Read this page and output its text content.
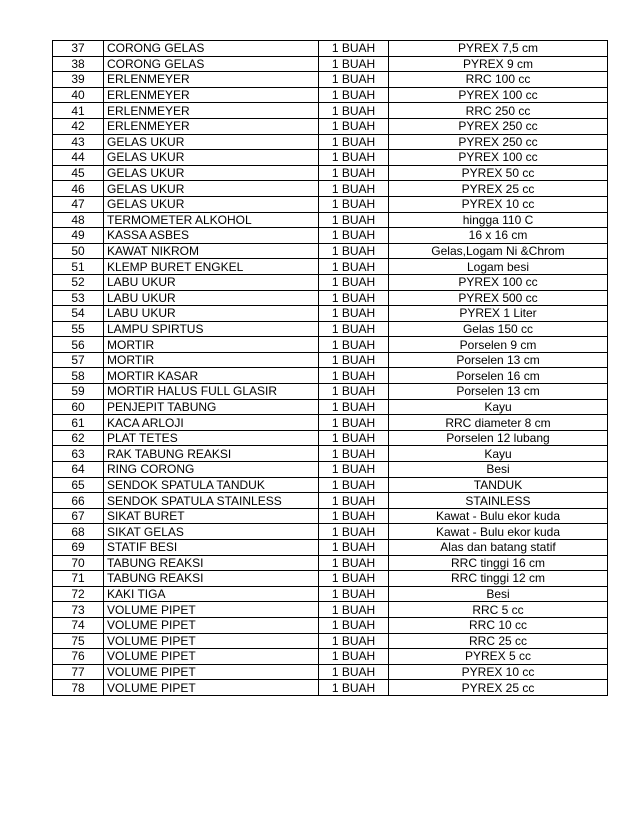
37	CORONG GELAS	1 BUAH	PYREX 7,5 cm
38	CORONG GELAS	1 BUAH	PYREX 9 cm
39	ERLENMEYER	1 BUAH	RRC 100 cc
40	ERLENMEYER	1 BUAH	PYREX 100 cc
41	ERLENMEYER	1 BUAH	RRC 250 cc
42	ERLENMEYER	1 BUAH	PYREX 250 cc
43	GELAS UKUR	1 BUAH	PYREX 250 cc
44	GELAS UKUR	1 BUAH	PYREX 100 cc
45	GELAS UKUR	1 BUAH	PYREX 50 cc
46	GELAS UKUR	1 BUAH	PYREX 25 cc
47	GELAS UKUR	1 BUAH	PYREX 10 cc
48	TERMOMETER ALKOHOL	1 BUAH	hingga 110 C
49	KASSA ASBES	1 BUAH	16 x 16 cm
50	KAWAT NIKROM	1 BUAH	Gelas,Logam Ni &Chrom
51	KLEMP BURET ENGKEL	1 BUAH	Logam besi
52	LABU UKUR	1 BUAH	PYREX 100 cc
53	LABU UKUR	1 BUAH	PYREX 500 cc
54	LABU UKUR	1 BUAH	PYREX 1 Liter
55	LAMPU SPIRTUS	1 BUAH	Gelas 150 cc
56	MORTIR	1 BUAH	Porselen 9 cm
57	MORTIR	1 BUAH	Porselen 13 cm
58	MORTIR KASAR	1 BUAH	Porselen 16 cm
59	MORTIR HALUS FULL GLASIR	1 BUAH	Porselen 13 cm
60	PENJEPIT TABUNG	1 BUAH	Kayu
61	KACA ARLOJI	1 BUAH	RRC diameter 8 cm
62	PLAT TETES	1 BUAH	Porselen 12 lubang
63	RAK TABUNG REAKSI	1 BUAH	Kayu
64	RING CORONG	1 BUAH	Besi
65	SENDOK SPATULA TANDUK	1 BUAH	TANDUK
66	SENDOK SPATULA STAINLESS	1 BUAH	STAINLESS
67	SIKAT BURET	1 BUAH	Kawat - Bulu ekor kuda
68	SIKAT GELAS	1 BUAH	Kawat - Bulu ekor kuda
69	STATIF BESI	1 BUAH	Alas dan batang statif
70	TABUNG REAKSI	1 BUAH	RRC tinggi 16 cm
71	TABUNG REAKSI	1 BUAH	RRC tinggi 12 cm
72	KAKI TIGA	1 BUAH	Besi
73	VOLUME PIPET	1 BUAH	RRC 5 cc
74	VOLUME PIPET	1 BUAH	RRC 10 cc
75	VOLUME PIPET	1 BUAH	RRC 25 cc
76	VOLUME PIPET	1 BUAH	PYREX 5 cc
77	VOLUME PIPET	1 BUAH	PYREX 10 cc
78	VOLUME PIPET	1 BUAH	PYREX 25 cc
